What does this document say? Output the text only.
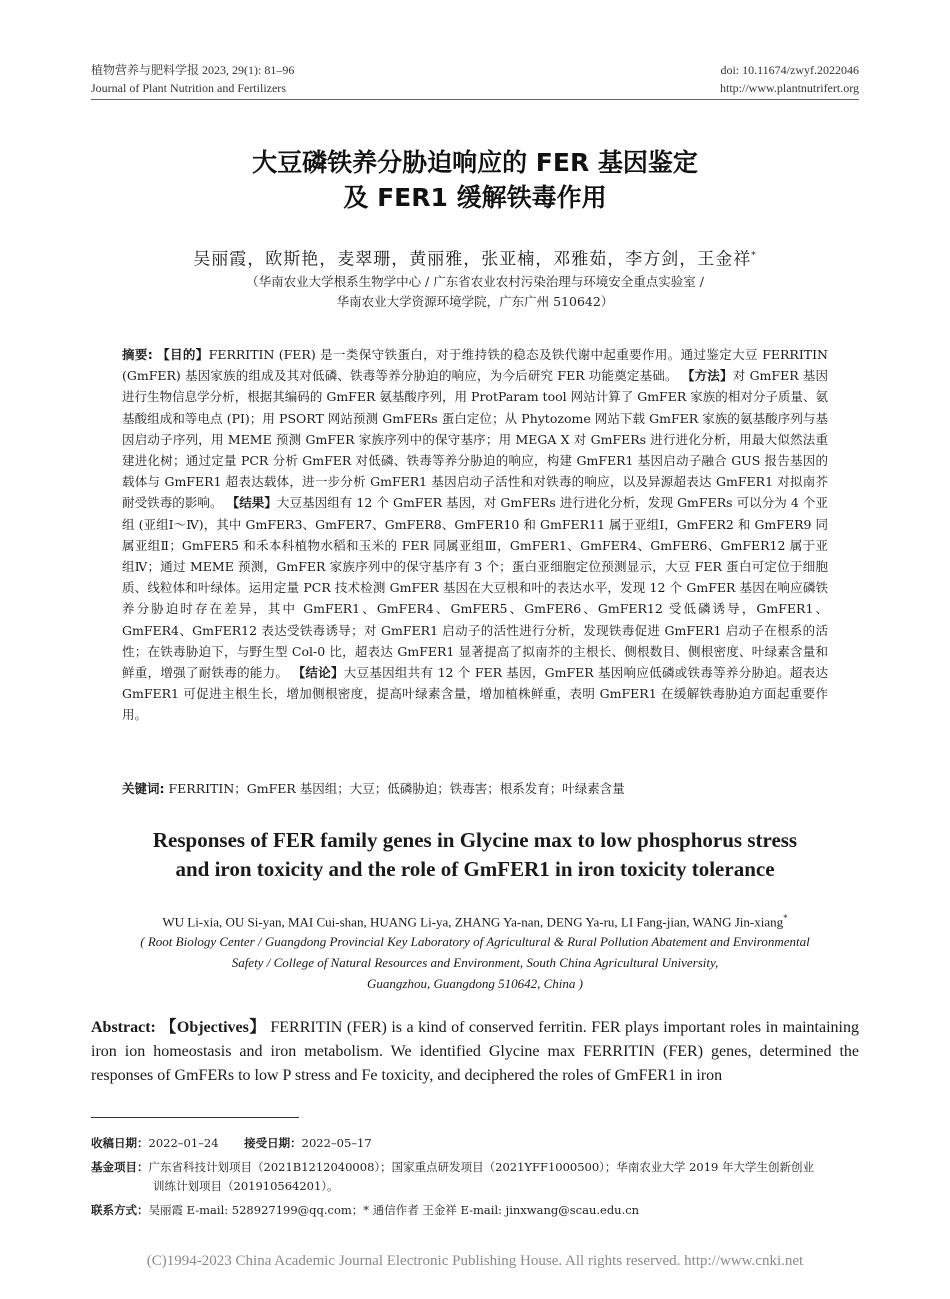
植物营养与肥料学报 2023, 29(1): 81–96
Journal of Plant Nutrition and Fertilizers
doi: 10.11674/zwyf.2022046
http://www.plantnutrifert.org
大豆磷铁养分胁迫响应的 FER 基因鉴定
及 FER1 缓解铁毒作用
吴丽霞，欧斯艳，麦翠珊，黄丽雅，张亚楠，邓雅茹，李方剑，王金祥*
（华南农业大学根系生物学中心 / 广东省农业农村污染治理与环境安全重点实验室 /
华南农业大学资源环境学院，广东广州 510642）
摘要: 【目的】FERRITIN (FER) 是一类保守铁蛋白，对于维持铁的稳态及铁代谢中起重要作用。通过鉴定大豆 FERRITIN (GmFER) 基因家族的组成及其对低磷、铁毒等养分胁迫的响应，为今后研究 FER 功能奠定基础。 【方法】对 GmFER 基因进行生物信息学分析，根据其编码的 GmFER 氨基酸序列，用 ProtParam tool 网站计算了 GmFER 家族的相对分子质量、氨基酸组成和等电点 (PI)；用 PSORT 网站预测 GmFERs 蛋白定位；从 Phytozome 网站下载 GmFER 家族的氨基酸序列与基因启动子序列，用 MEME 预测 GmFER 家族序列中的保守基序；用 MEGA X 对 GmFERs 进行进化分析，用最大似然法重建进化树；通过定量 PCR 分析 GmFER 对低磷、铁毒等养分胁迫的响应，构建 GmFER1 基因启动子融合 GUS 报告基因的载体与 GmFER1 超表达载体，进一步分析 GmFER1 基因启动子活性和对铁毒的响应，以及异源超表达 GmFER1 对拟南芥耐受铁毒的影响。 【结果】大豆基因组有 12 个 GmFER 基因，对 GmFERs 进行进化分析，发现 GmFERs 可以分为 4 个亚组 (亚组Ⅰ～Ⅳ)，其中 GmFER3、GmFER7、GmFER8、GmFER10 和 GmFER11 属于亚组Ⅰ，GmFER2 和 GmFER9 同属亚组Ⅱ；GmFER5 和禾本科植物水稻和玉米的 FER 同属亚组Ⅲ，GmFER1、GmFER4、GmFER6、GmFER12 属于亚组Ⅳ；通过 MEME 预测，GmFER 家族序列中的保守基序有 3 个；蛋白亚细胞定位预测显示，大豆 FER 蛋白可定位于细胞质、线粒体和叶绿体。运用定量 PCR 技术检测 GmFER 基因在大豆根和叶的表达水平，发现 12 个 GmFER 基因在响应磷铁养分胁迫时存在差异，其中 GmFER1、GmFER4、GmFER5、GmFER6、GmFER12 受低磷诱导，GmFER1、GmFER4、GmFER12 表达受铁毒诱导；对 GmFER1 启动子的活性进行分析，发现铁毒促进 GmFER1 启动子在根系的活性；在铁毒胁迫下，与野生型 Col-0 比，超表达 GmFER1 显著提高了拟南芥的主根长、侧根数目、侧根密度、叶绿素含量和鲜重，增强了耐铁毒的能力。 【结论】大豆基因组共有 12 个 FER 基因，GmFER 基因响应低磷或铁毒等养分胁迫。超表达 GmFER1 可促进主根生长，增加侧根密度，提高叶绿素含量，增加植株鲜重，表明 GmFER1 在缓解铁毒胁迫方面起重要作用。
关键词: FERRITIN；GmFER 基因组；大豆；低磷胁迫；铁毒害；根系发育；叶绿素含量
Responses of FER family genes in Glycine max to low phosphorus stress
and iron toxicity and the role of GmFER1 in iron toxicity tolerance
WU Li-xia, OU Si-yan, MAI Cui-shan, HUANG Li-ya, ZHANG Ya-nan, DENG Ya-ru, LI Fang-jian, WANG Jin-xiang*
( Root Biology Center / Guangdong Provincial Key Laboratory of Agricultural & Rural Pollution Abatement and Environmental
Safety / College of Natural Resources and Environment, South China Agricultural University,
Guangzhou, Guangdong 510642, China )
Abstract: 【Objectives】 FERRITIN (FER) is a kind of conserved ferritin. FER plays important roles in maintaining iron ion homeostasis and iron metabolism. We identified Glycine max FERRITIN (FER) genes, determined the responses of GmFERs to low P stress and Fe toxicity, and deciphered the roles of GmFER1 in iron
收稿日期：2022–01–24 接受日期：2022–05–17
基金项目：广东省科技计划项目（2021B1212040008）；国家重点研发项目（2021YFF1000500）；华南农业大学 2019 年大学生创新创业
训练计划项目（201910564201）。
联系方式：吴丽霞 E-mail: 528927199@qq.com；* 通信作者 王金祥 E-mail: jinxwang@scau.edu.cn
(C)1994-2023 China Academic Journal Electronic Publishing House. All rights reserved. http://www.cnki.net
